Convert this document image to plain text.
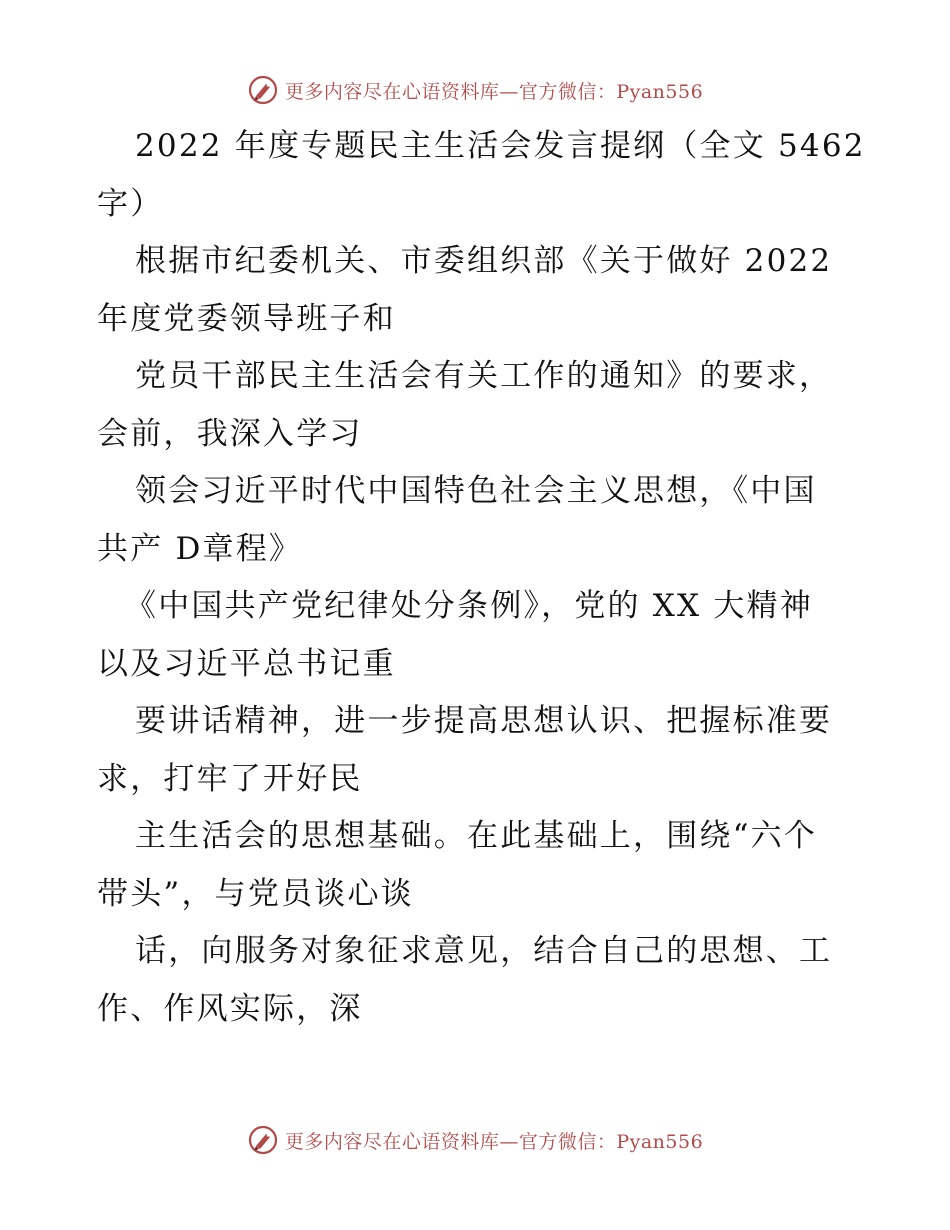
更多内容尽在心语资料库—官方微信：Pyan556
2022 年度专题民主生活会发言提纲（全文 5462
字）
根据市纪委机关、市委组织部《关于做好 2022
年度党委领导班子和
党员干部民主生活会有关工作的通知》的要求，
会前，我深入学习
领会习近平时代中国特色社会主义思想，《中国
共产 D章程》
《中国共产党纪律处分条例》，党的 XX 大精神
以及习近平总书记重
要讲话精神，进一步提高思想认识、把握标准要
求，打牢了开好民
主生活会的思想基础。在此基础上，围绕“六个
带头”，与党员谈心谈
话，向服务对象征求意见，结合自己的思想、工
作、作风实际，深
更多内容尽在心语资料库—官方微信：Pyan556
